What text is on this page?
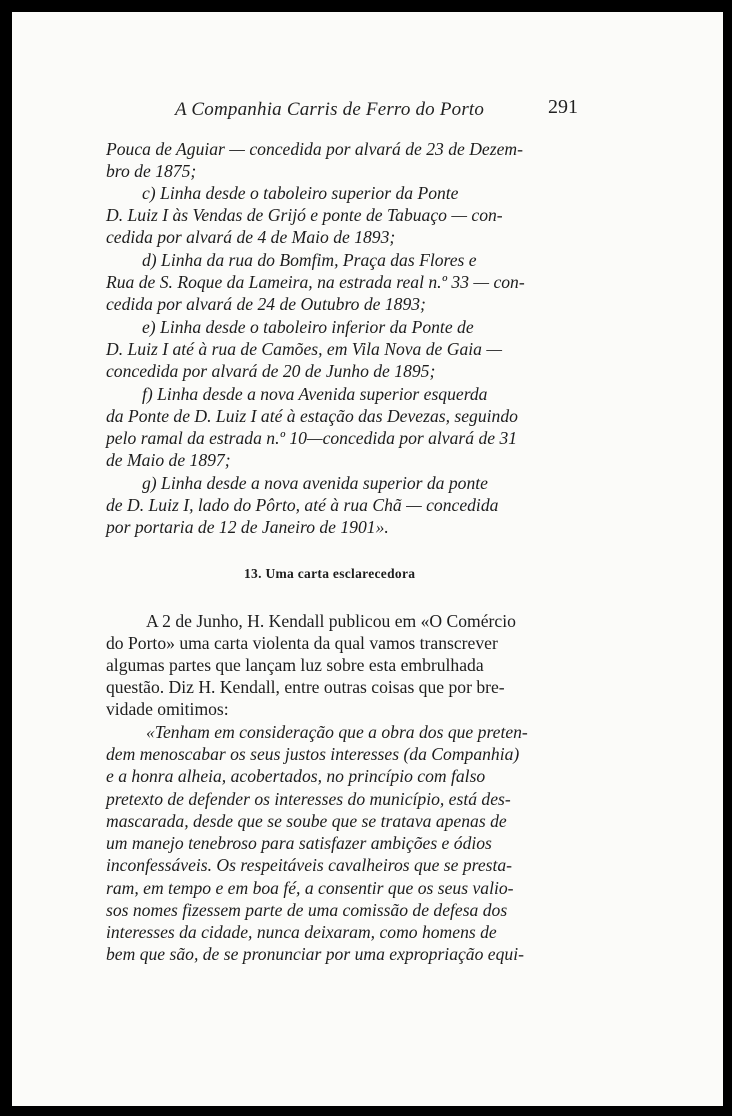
A Companhia Carris de Ferro do Porto	291
Pouca de Aguiar — concedida por alvará de 23 de Dezem-
bro de 1875;
c) Linha desde o taboleiro superior da Ponte
D. Luiz I às Vendas de Grijó e ponte de Tabuaço — con-
cedida por alvará de 4 de Maio de 1893;
d) Linha da rua do Bomfim, Praça das Flores e
Rua de S. Roque da Lameira, na estrada real n.º 33 — con-
cedida por alvará de 24 de Outubro de 1893;
e) Linha desde o taboleiro inferior da Ponte de
D. Luiz I até à rua de Camões, em Vila Nova de Gaia —
concedida por alvará de 20 de Junho de 1895;
f) Linha desde a nova Avenida superior esquerda
da Ponte de D. Luiz I até à estação das Devezas, seguindo
pelo ramal da estrada n.º 10—concedida por alvará de 31
de Maio de 1897;
g) Linha desde a nova avenida superior da ponte
de D. Luiz I, lado do Pôrto, até à rua Chã — concedida
por portaria de 12 de Janeiro de 1901».
13. Uma carta esclarecedora
A 2 de Junho, H. Kendall publicou em «O Comércio
do Porto» uma carta violenta da qual vamos transcrever
algumas partes que lançam luz sobre esta embrulhada
questão. Diz H. Kendall, entre outras coisas que por bre-
vidade omitimos:
«Tenham em consideração que a obra dos que preten-
dem menoscabar os seus justos interesses (da Companhia)
e a honra alheia, acobertados, no princípio com falso
pretexto de defender os interesses do município, está des-
mascarada, desde que se soube que se tratava apenas de
um manejo tenebroso para satisfazer ambições e ódios
inconfessáveis. Os respeitáveis cavalheiros que se presta-
ram, em tempo e em boa fé, a consentir que os seus valio-
sos nomes fizessem parte de uma comissão de defesa dos
interesses da cidade, nunca deixaram, como homens de
bem que são, de se pronunciar por uma expropriação equi-
